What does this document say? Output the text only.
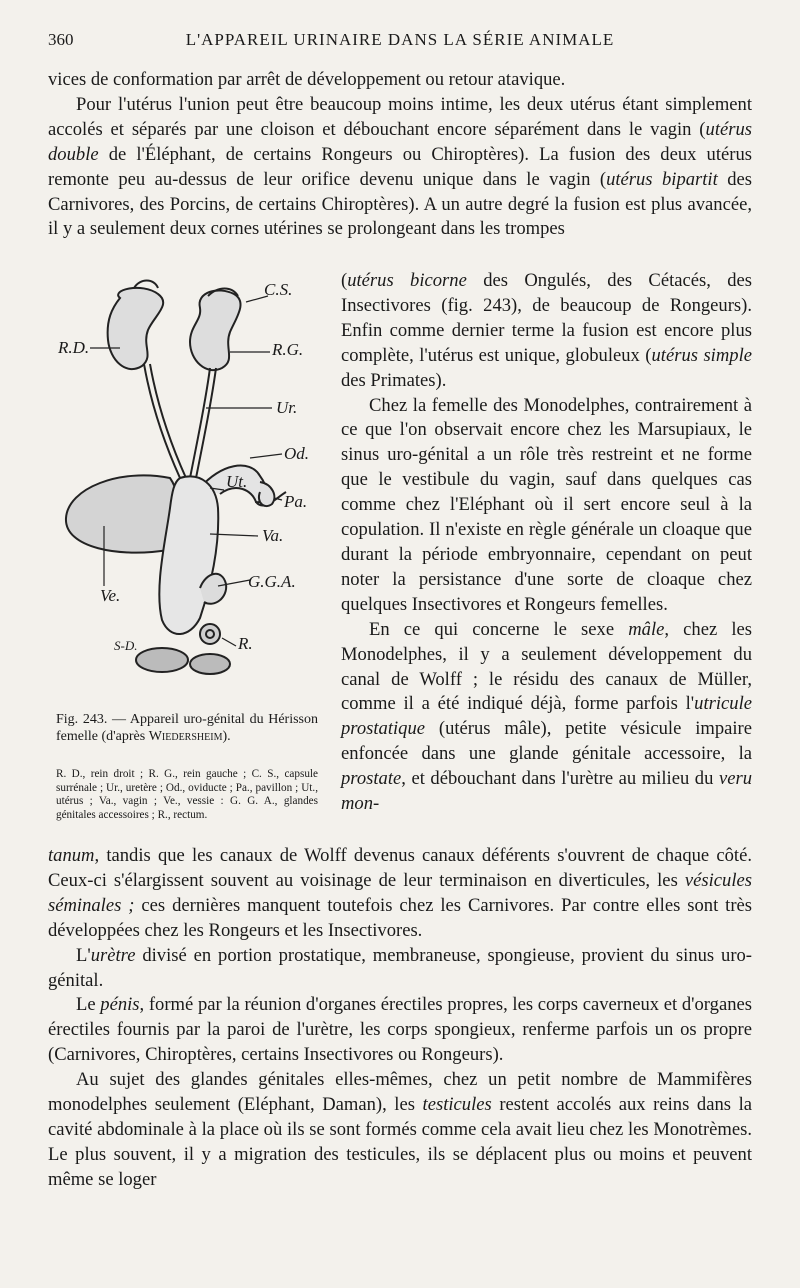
360	L'APPAREIL URINAIRE DANS LA SÉRIE ANIMALE

vices de conformation par arrêt de développement ou retour atavique.

Pour l'utérus l'union peut être beaucoup moins intime, les deux utérus étant simplement accolés et séparés par une cloison et débouchant encore séparément dans le vagin (utérus double de l'Éléphant, de certains Rongeurs ou Chiroptères). La fusion des deux utérus remonte peu au-dessus de leur orifice devenu unique dans le vagin (utérus bipartit des Carnivores, des Porcins, de certains Chiroptères). A un autre degré la fusion est plus avancée, il y a seulement deux cornes utérines se prolongeant dans les trompes

C.S.
R.D.	R.G.
Ur.
Od.
Ut.
Pa.
Va.
G.G.A.
Ve.
S-D.	R.
Fig. 243. — Appareil uro-génital du Hérisson femelle (d'après Wiedersheim).
R. D., rein droit ; R. G., rein gauche ; C. S., capsule surrénale ; Ur., uretère ; Od., oviducte ; Pa., pavillon ; Ut., utérus ; Va., vagin ; Ve., vessie : G. G. A., glandes génitales accessoires ; R., rectum.

(utérus bicorne des Ongulés, des Cétacés, des Insectivores (fig. 243), de beaucoup de Rongeurs). Enfin comme dernier terme la fusion est encore plus complète, l'utérus est unique, globuleux (utérus simple des Primates).

Chez la femelle des Monodelphes, contrairement à ce que l'on observait encore chez les Marsupiaux, le sinus uro-génital a un rôle très restreint et ne forme que le vestibule du vagin, sauf dans quelques cas comme chez l'Eléphant où il sert encore seul à la copulation. Il n'existe en règle générale un cloaque que durant la période embryonnaire, cependant on peut noter la persistance d'une sorte de cloaque chez quelques Insectivores et Rongeurs femelles.

En ce qui concerne le sexe mâle, chez les Monodelphes, il y a seulement développement du canal de Wolff ; le résidu des canaux de Müller, comme il a été indiqué déjà, forme parfois l'utricule prostatique (utérus mâle), petite vésicule impaire enfoncée dans une glande génitale accessoire, la prostate, et débouchant dans l'urètre au milieu du veru mon-

tanum, tandis que les canaux de Wolff devenus canaux déférents s'ouvrent de chaque côté. Ceux-ci s'élargissent souvent au voisinage de leur terminaison en diverticules, les vésicules séminales ; ces dernières manquent toutefois chez les Carnivores. Par contre elles sont très développées chez les Rongeurs et les Insectivores.

L'urètre divisé en portion prostatique, membraneuse, spongieuse, provient du sinus uro-génital.

Le pénis, formé par la réunion d'organes érectiles propres, les corps caverneux et d'organes érectiles fournis par la paroi de l'urètre, les corps spongieux, renferme parfois un os propre (Carnivores, Chiroptères, certains Insectivores ou Rongeurs).

Au sujet des glandes génitales elles-mêmes, chez un petit nombre de Mammifères monodelphes seulement (Eléphant, Daman), les testicules restent accolés aux reins dans la cavité abdominale à la place où ils se sont formés comme cela avait lieu chez les Monotrèmes. Le plus souvent, il y a migration des testicules, ils se déplacent plus ou moins et peuvent même se loger
